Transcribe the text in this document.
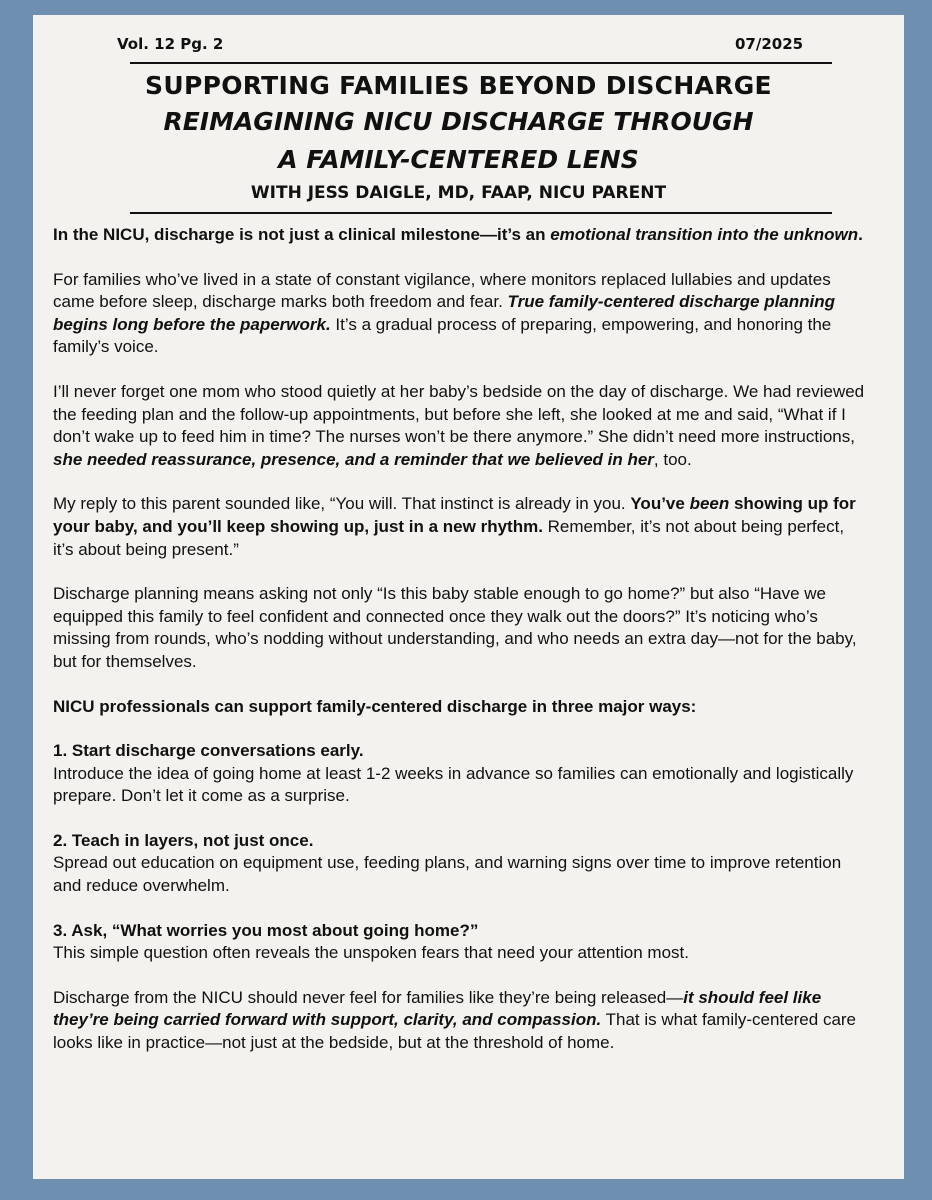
Vol. 12 Pg. 2	07/2025
SUPPORTING FAMILIES BEYOND DISCHARGE
REIMAGINING NICU DISCHARGE THROUGH
A FAMILY-CENTERED LENS
WITH JESS DAIGLE, MD, FAAP, NICU PARENT

In the NICU, discharge is not just a clinical milestone—it’s an emotional transition into the unknown.

For families who’ve lived in a state of constant vigilance, where monitors replaced lullabies and updates came before sleep, discharge marks both freedom and fear. True family-centered discharge planning begins long before the paperwork. It’s a gradual process of preparing, empowering, and honoring the family’s voice.

I’ll never forget one mom who stood quietly at her baby’s bedside on the day of discharge. We had reviewed the feeding plan and the follow-up appointments, but before she left, she looked at me and said, “What if I don’t wake up to feed him in time? The nurses won’t be there anymore.” She didn’t need more instructions, she needed reassurance, presence, and a reminder that we believed in her, too.

My reply to this parent sounded like, “You will. That instinct is already in you. You’ve been showing up for your baby, and you’ll keep showing up, just in a new rhythm. Remember, it’s not about being perfect, it’s about being present.”

Discharge planning means asking not only “Is this baby stable enough to go home?” but also “Have we equipped this family to feel confident and connected once they walk out the doors?” It’s noticing who’s missing from rounds, who’s nodding without understanding, and who needs an extra day—not for the baby, but for themselves.

NICU professionals can support family-centered discharge in three major ways:

1. Start discharge conversations early.

Introduce the idea of going home at least 1-2 weeks in advance so families can emotionally and logistically prepare. Don’t let it come as a surprise.

2. Teach in layers, not just once.

Spread out education on equipment use, feeding plans, and warning signs over time to improve retention and reduce overwhelm.

3. Ask, “What worries you most about going home?”

This simple question often reveals the unspoken fears that need your attention most.

Discharge from the NICU should never feel for families like they’re being released—it should feel like they’re being carried forward with support, clarity, and compassion. That is what family-centered care looks like in practice—not just at the bedside, but at the threshold of home.
